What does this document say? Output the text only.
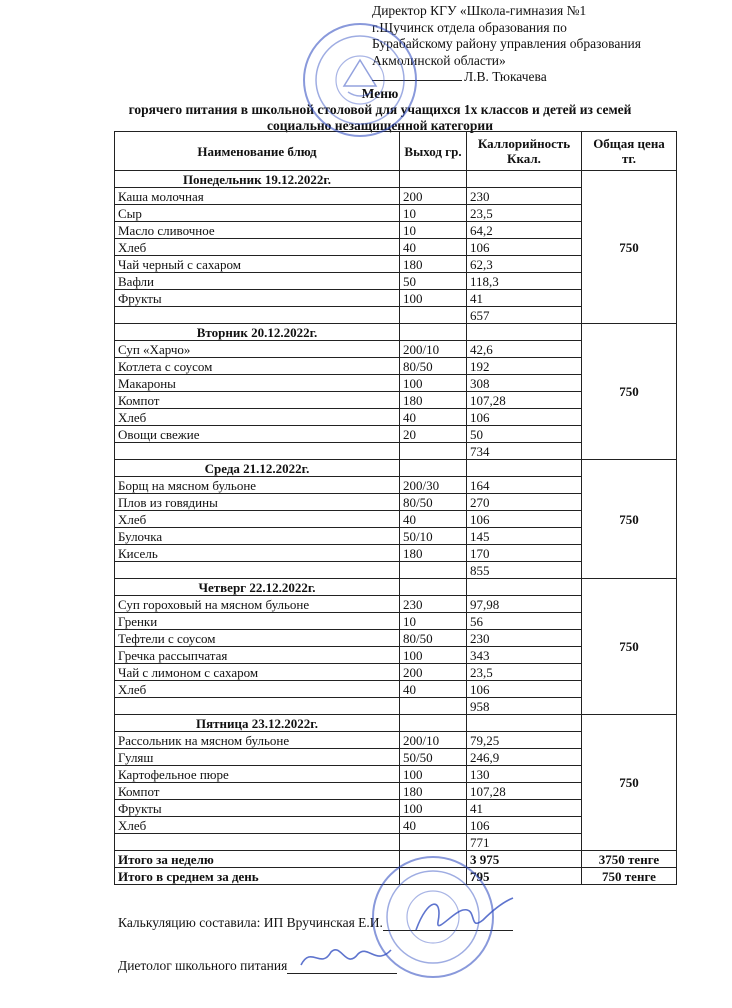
Директор КГУ «Школа-гимназия №1
г.Щучинск отдела образования по
Бурабайскому району управления образования
Акмолинской области»
Л.В. Тюкачева
Меню
горячего питания в школьной столовой для учащихся 1х классов и детей из семей
социально незащищенной категории
Наименование блюд	Выход гр.	Каллорийность Ккал.	Общая цена тг.
Понедельник 19.12.2022г.			750
Каша молочная	200	230	
Сыр	10	23,5	
Масло сливочное	10	64,2	
Хлеб	40	106	
Чай черный с сахаром	180	62,3	
Вафли	50	118,3	
Фрукты	100	41	
		657	
Вторник 20.12.2022г.			750
Суп «Харчо»	200/10	42,6	
Котлета с соусом	80/50	192	
Макароны	100	308	
Компот	180	107,28	
Хлеб	40	106	
Овощи свежие	20	50	
		734	
Среда 21.12.2022г.			750
Борщ на мясном бульоне	200/30	164	
Плов из говядины	80/50	270	
Хлеб	40	106	
Булочка	50/10	145	
Кисель	180	170	
		855	
Четверг 22.12.2022г.			750
Суп гороховый на мясном бульоне	230	97,98	
Гренки	10	56	
Тефтели с соусом	80/50	230	
Гречка рассыпчатая	100	343	
Чай с лимоном с сахаром	200	23,5	
Хлеб	40	106	
		958	
Пятница 23.12.2022г.			750
Рассольник на мясном бульоне	200/10	79,25	
Гуляш	50/50	246,9	
Картофельное пюре	100	130	
Компот	180	107,28	
Фрукты	100	41	
Хлеб	40	106	
		771	
Итого за неделю		3 975	3750 тенге
Итого в среднем за день		795	750 тенге
Калькуляцию составила: ИП Вручинская Е.И.
Диетолог школьного питания
